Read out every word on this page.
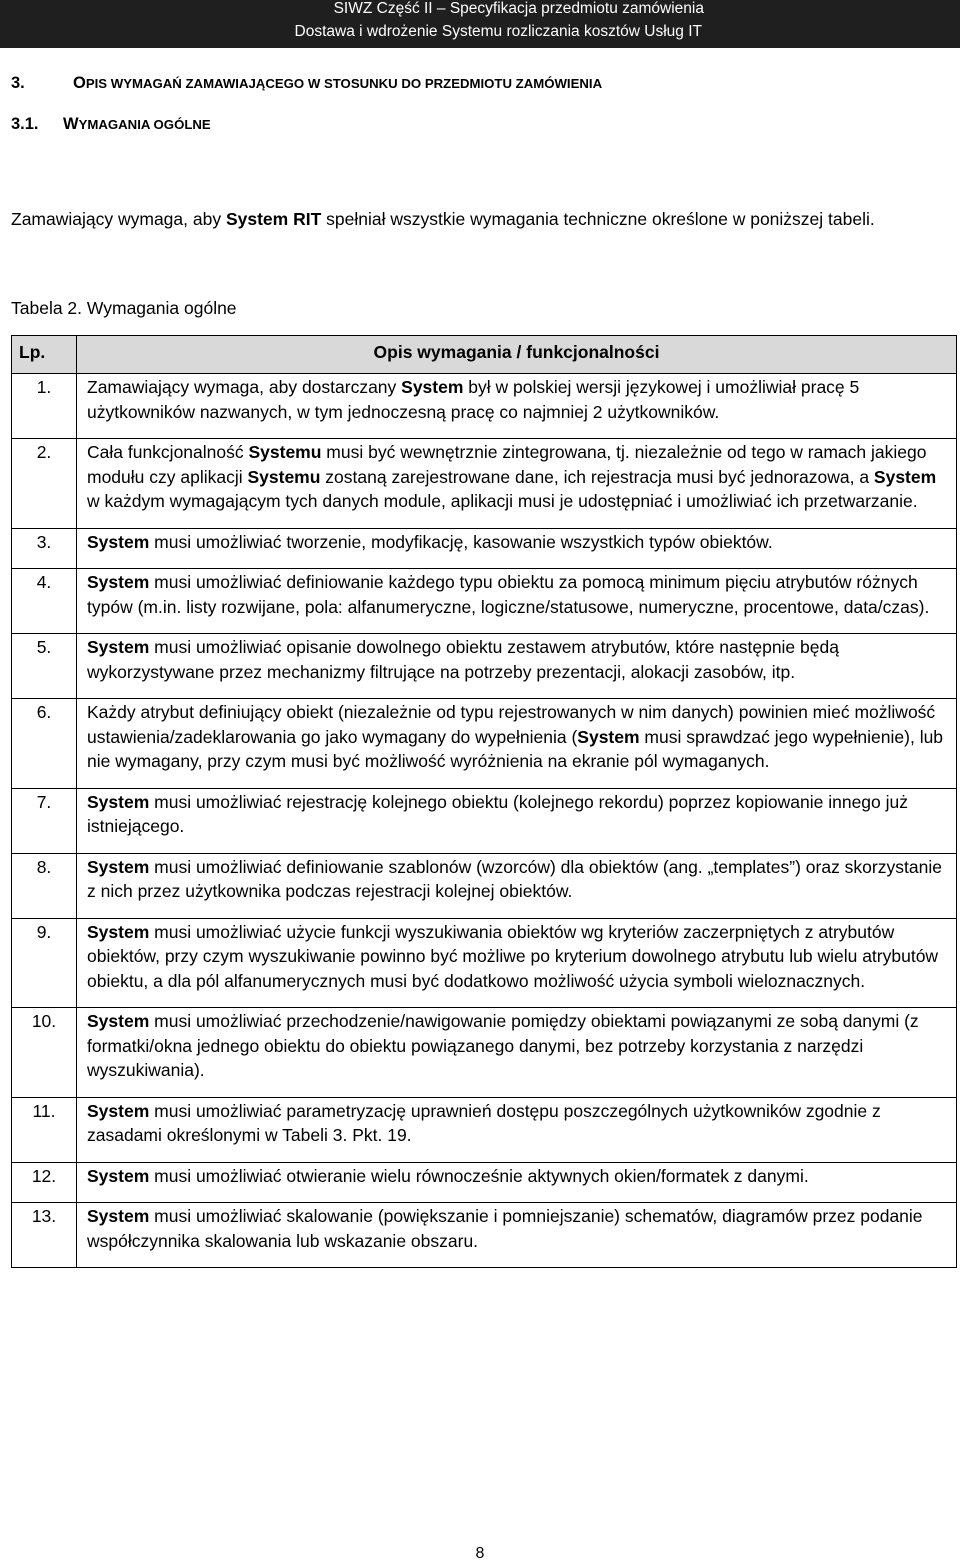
SIWZ Część II – Specyfikacja przedmiotu zamówienia
Dostawa i wdrożenie Systemu rozliczania kosztów Usług IT
3.	OPIS WYMAGAŃ ZAMAWIAJĄCEGO W STOSUNKU DO PRZEDMIOTU ZAMÓWIENIA
3.1. WYMAGANIA OGÓLNE
Zamawiający wymaga, aby System RIT spełniał wszystkie wymagania techniczne określone w poniższej tabeli.
Tabela 2. Wymagania ogólne
Lp.	Opis wymagania / funkcjonalności
1.	Zamawiający wymaga, aby dostarczany System był w polskiej wersji językowej i umożliwiał pracę 5 użytkowników nazwanych, w tym jednoczesną pracę co najmniej 2 użytkowników.
2.	Cała funkcjonalność Systemu musi być wewnętrznie zintegrowana, tj. niezależnie od tego w ramach jakiego modułu czy aplikacji Systemu zostaną zarejestrowane dane, ich rejestracja musi być jednorazowa, a System w każdym wymagającym tych danych module, aplikacji musi je udostępniać i umożliwiać ich przetwarzanie.
3.	System musi umożliwiać tworzenie, modyfikację, kasowanie wszystkich typów obiektów.
4.	System musi umożliwiać definiowanie każdego typu obiektu za pomocą minimum pięciu atrybutów różnych typów (m.in. listy rozwijane, pola: alfanumeryczne, logiczne/statusowe, numeryczne, procentowe, data/czas).
5.	System musi umożliwiać opisanie dowolnego obiektu zestawem atrybutów, które następnie będą wykorzystywane przez mechanizmy filtrujące na potrzeby prezentacji, alokacji zasobów, itp.
6.	Każdy atrybut definiujący obiekt (niezależnie od typu rejestrowanych w nim danych) powinien mieć możliwość ustawienia/zadeklarowania go jako wymagany do wypełnienia (System musi sprawdzać jego wypełnienie), lub nie wymagany, przy czym musi być możliwość wyróżnienia na ekranie pól wymaganych.
7.	System musi umożliwiać rejestrację kolejnego obiektu (kolejnego rekordu) poprzez kopiowanie innego już istniejącego.
8.	System musi umożliwiać definiowanie szablonów (wzorców) dla obiektów (ang. „templates”) oraz skorzystanie z nich przez użytkownika podczas rejestracji kolejnej obiektów.
9.	System musi umożliwiać użycie funkcji wyszukiwania obiektów wg kryteriów zaczerpniętych z atrybutów obiektów, przy czym wyszukiwanie powinno być możliwe po kryterium dowolnego atrybutu lub wielu atrybutów obiektu, a dla pól alfanumerycznych musi być dodatkowo możliwość użycia symboli wieloznacznych.
10.	System musi umożliwiać przechodzenie/nawigowanie pomiędzy obiektami powiązanymi ze sobą danymi (z formatki/okna jednego obiektu do obiektu powiązanego danymi, bez potrzeby korzystania z narzędzi wyszukiwania).
11.	System musi umożliwiać parametryzację uprawnień dostępu poszczególnych użytkowników zgodnie z zasadami określonymi w Tabeli 3. Pkt. 19.
12.	System musi umożliwiać otwieranie wielu równocześnie aktywnych okien/formatek z danymi.
13.	System musi umożliwiać skalowanie (powiększanie i pomniejszanie) schematów, diagramów przez podanie współczynnika skalowania lub wskazanie obszaru.
8
